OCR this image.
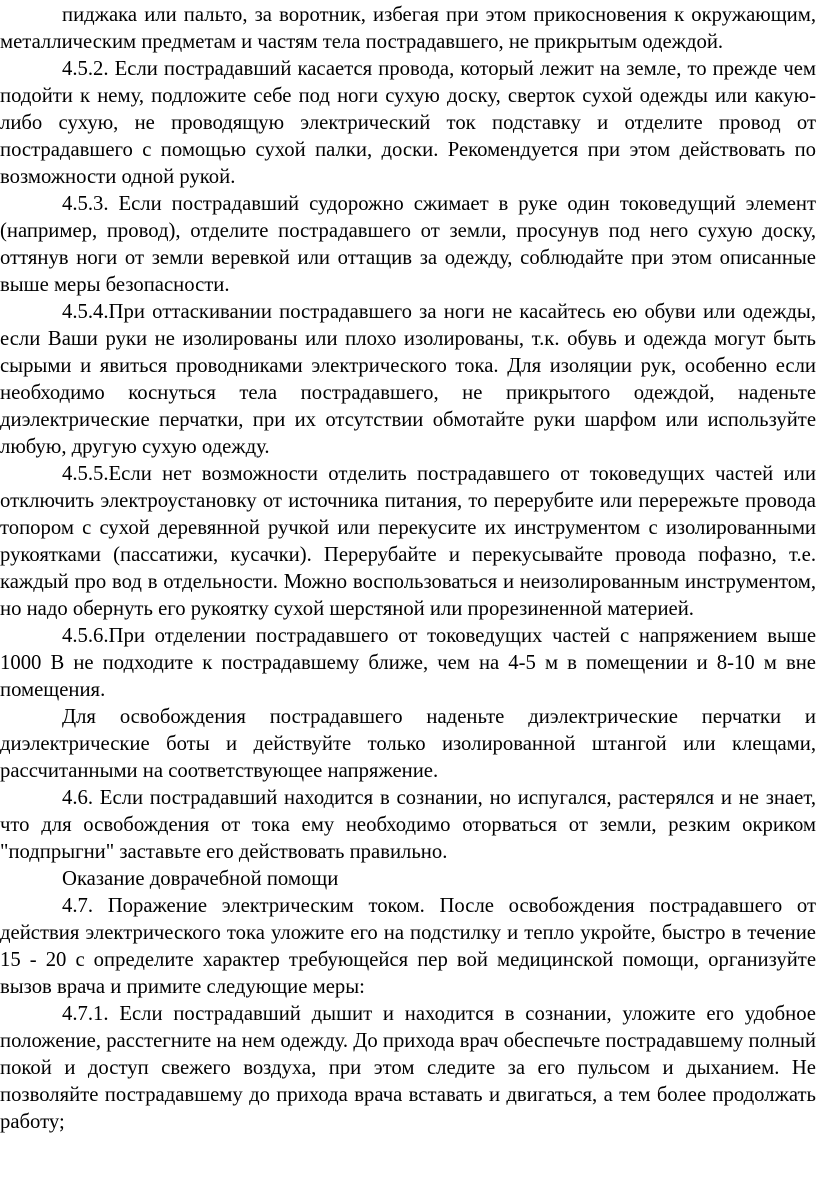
пиджака или пальто, за воротник, избегая при этом прикосновения к окружающим, металлическим предметам и частям тела пострадавшего, не прикрытым одеждой.

4.5.2. Если пострадавший касается провода, который лежит на земле, то прежде чем подойти к нему, подложите себе под ноги сухую доску, сверток сухой одежды или какую-либо сухую, не проводящую электрический ток подставку и отделите провод от пострадавшего с помощью сухой палки, доски. Рекомендуется при этом действовать по возможности одной рукой.

4.5.3. Если пострадавший судорожно сжимает в руке один токоведущий элемент (например, провод), отделите пострадавшего от земли, просунув под него сухую доску, оттянув ноги от земли веревкой или оттащив за одежду, соблюдайте при этом описанные выше меры безопасности.

4.5.4.При оттаскивании пострадавшего за ноги не касайтесь ею обуви или одежды, если Ваши руки не изолированы или плохо изолированы, т.к. обувь и одежда могут быть сырыми и явиться проводниками электрического тока. Для изоляции рук, особенно если необходимо коснуться тела пострадавшего, не прикрытого одеждой, наденьте диэлектрические перчатки, при их отсутствии обмотайте руки шарфом или используйте любую, другую сухую одежду.

4.5.5.Если нет возможности отделить пострадавшего от токоведущих частей или отключить электроустановку от источника питания, то перерубите или перережьте провода топором с сухой деревянной ручкой или перекусите их инструментом с изолированными рукоятками (пассатижи, кусачки). Перерубайте и перекусывайте провода пофазно, т.е. каждый про вод в отдельности. Можно воспользоваться и неизолированным инструментом, но надо обернуть его рукоятку сухой шерстяной или прорезиненной материей.

4.5.6.При отделении пострадавшего от токоведущих частей с напряжением выше 1000 В не подходите к пострадавшему ближе, чем на 4-5 м в помещении и 8-10 м вне помещения.

Для освобождения пострадавшего наденьте диэлектрические перчатки и диэлектрические боты и действуйте только изолированной штангой или клещами, рассчитанными на соответствующее напряжение.

4.6. Если пострадавший находится в сознании, но испугался, растерялся и не знает, что для освобождения от тока ему необходимо оторваться от земли, резким окриком "подпрыгни" заставьте его действовать правильно.

Оказание доврачебной помощи

4.7. Поражение электрическим током. После освобождения пострадавшего от действия электрического тока уложите его на подстилку и тепло укройте, быстро в течение 15 - 20 с определите характер требующейся пер вой медицинской помощи, организуйте вызов врача и примите следующие меры:

4.7.1. Если пострадавший дышит и находится в сознании, уложите его удобное положение, расстегните на нем одежду. До прихода врач обеспечьте пострадавшему полный покой и доступ свежего воздуха, при этом следите за его пульсом и дыханием. Не позволяйте пострадавшему до прихода врача вставать и двигаться, а тем более продолжать работу;
